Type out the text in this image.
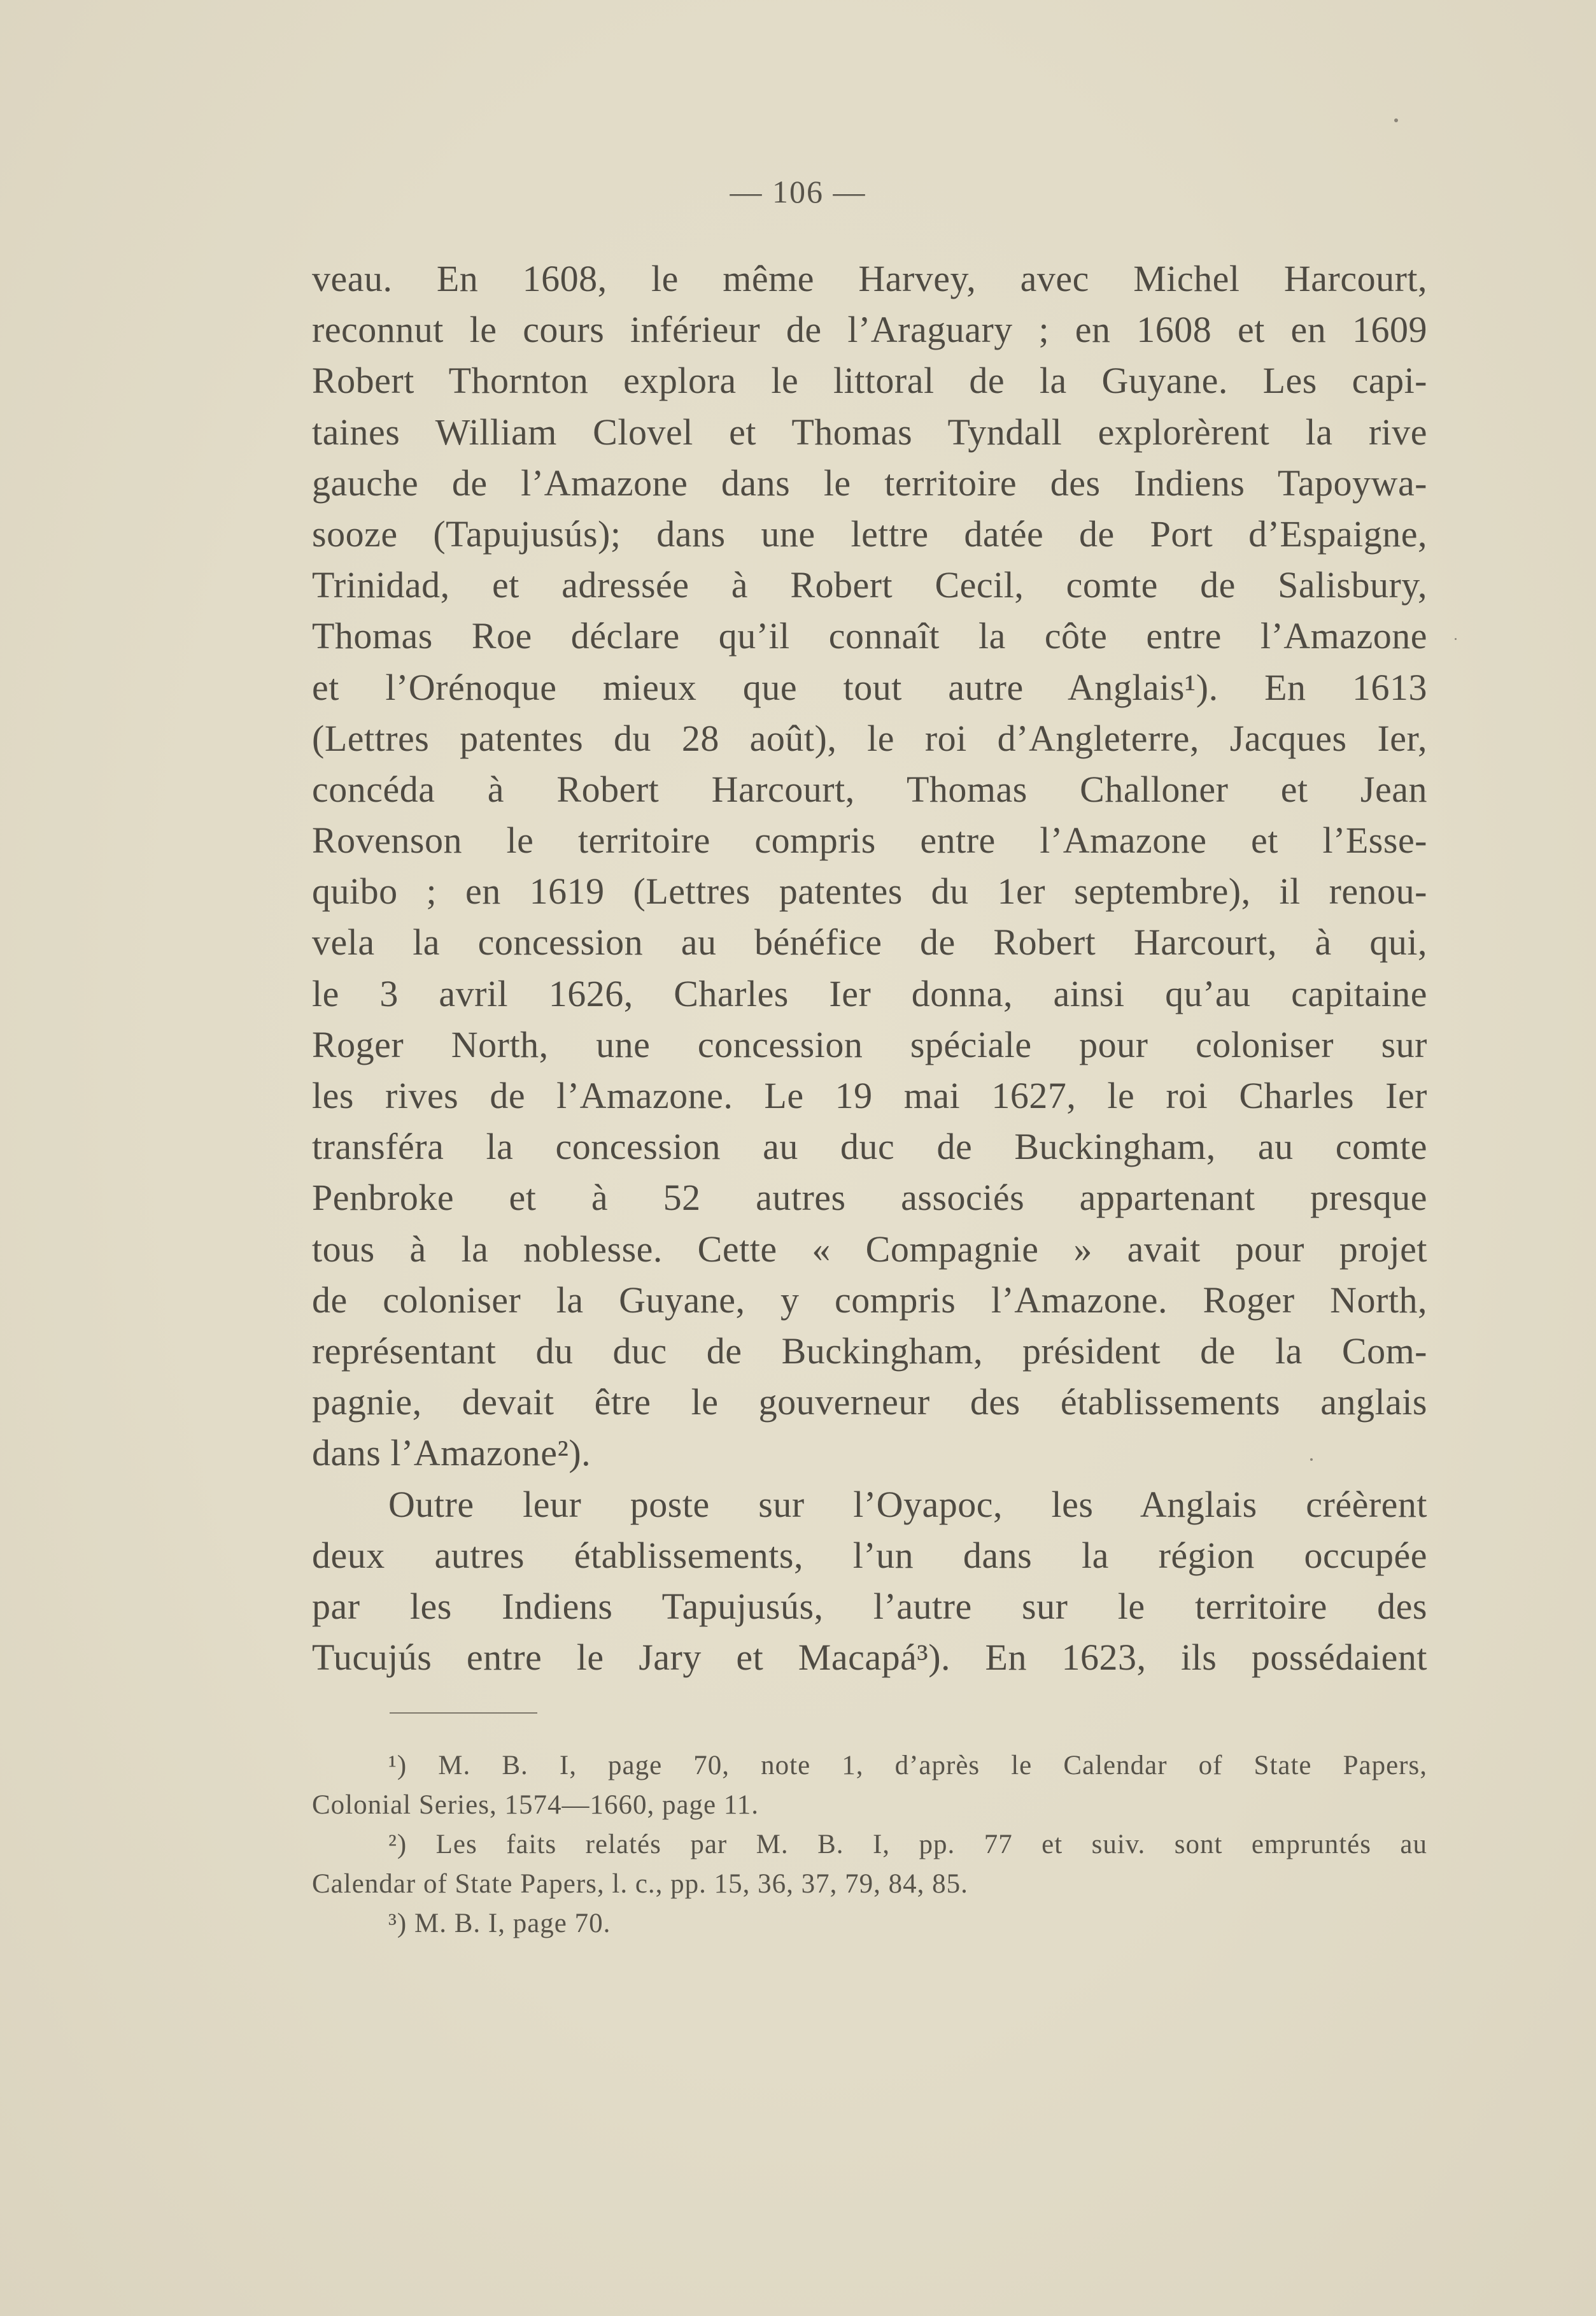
— 106 —
veau. En 1608, le même Harvey, avec Michel Harcourt,
reconnut le cours inférieur de l’Araguary ; en 1608 et en 1609
Robert Thornton explora le littoral de la Guyane. Les capi-
taines William Clovel et Thomas Tyndall explorèrent la rive
gauche de l’Amazone dans le territoire des Indiens Tapoywa-
sooze (Tapujusús); dans une lettre datée de Port d’Espaigne,
Trinidad, et adressée à Robert Cecil, comte de Salisbury,
Thomas Roe déclare qu’il connaît la côte entre l’Amazone
et l’Orénoque mieux que tout autre Anglais¹). En 1613
(Lettres patentes du 28 août), le roi d’Angleterre, Jacques Ier,
concéda à Robert Harcourt, Thomas Challoner et Jean
Rovenson le territoire compris entre l’Amazone et l’Esse-
quibo ; en 1619 (Lettres patentes du 1er septembre), il renou-
vela la concession au bénéfice de Robert Harcourt, à qui,
le 3 avril 1626, Charles Ier donna, ainsi qu’au capitaine
Roger North, une concession spéciale pour coloniser sur
les rives de l’Amazone. Le 19 mai 1627, le roi Charles Ier
transféra la concession au duc de Buckingham, au comte
Penbroke et à 52 autres associés appartenant presque
tous à la noblesse. Cette « Compagnie » avait pour projet
de coloniser la Guyane, y compris l’Amazone. Roger North,
représentant du duc de Buckingham, président de la Com-
pagnie, devait être le gouverneur des établissements anglais
dans l’Amazone²).
Outre leur poste sur l’Oyapoc, les Anglais créèrent
deux autres établissements, l’un dans la région occupée
par les Indiens Tapujusús, l’autre sur le territoire des
Tucujús entre le Jary et Macapá³). En 1623, ils possédaient
¹) M. B. I, page 70, note 1, d’après le Calendar of State Papers,
Colonial Series, 1574—1660, page 11.
²) Les faits relatés par M. B. I, pp. 77 et suiv. sont empruntés au
Calendar of State Papers, l. c., pp. 15, 36, 37, 79, 84, 85.
³) M. B. I, page 70.
